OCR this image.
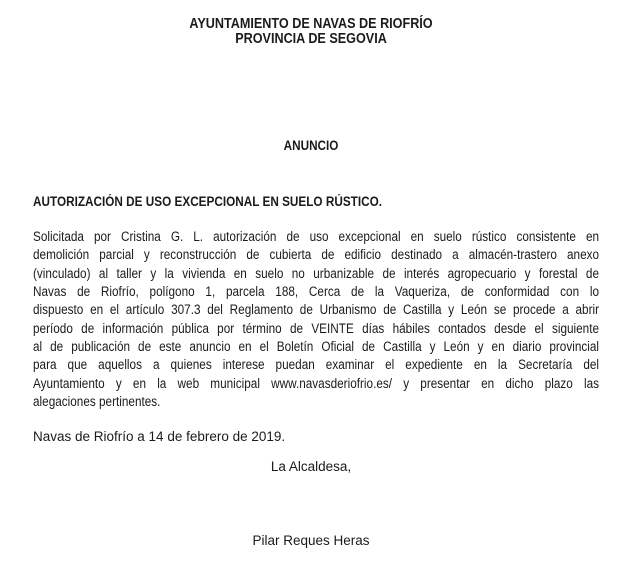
AYUNTAMIENTO DE NAVAS DE RIOFRÍO
PROVINCIA DE SEGOVIA
ANUNCIO
AUTORIZACIÓN DE USO EXCEPCIONAL EN SUELO RÚSTICO.
Solicitada por Cristina G. L. autorización de uso excepcional en suelo rústico consistente en
demolición parcial y reconstrucción de cubierta de edificio destinado a almacén-trastero anexo
(vinculado) al taller y la vivienda en suelo no urbanizable de interés agropecuario y forestal de
Navas de Riofrío, polígono 1, parcela 188, Cerca de la Vaqueriza, de conformidad con lo
dispuesto en el artículo 307.3 del Reglamento de Urbanismo de Castilla y León se procede a abrir
período de información pública por término de VEINTE días hábiles contados desde el siguiente
al de publicación de este anuncio en el Boletín Oficial de Castilla y León y en diario provincial
para que aquellos a quienes interese puedan examinar el expediente en la Secretaría del
Ayuntamiento y en la web municipal www.navasderiofrio.es/ y presentar en dicho plazo las
alegaciones pertinentes.
Navas de Riofrío a 14 de febrero de 2019.
La Alcaldesa,
Pilar Reques Heras
